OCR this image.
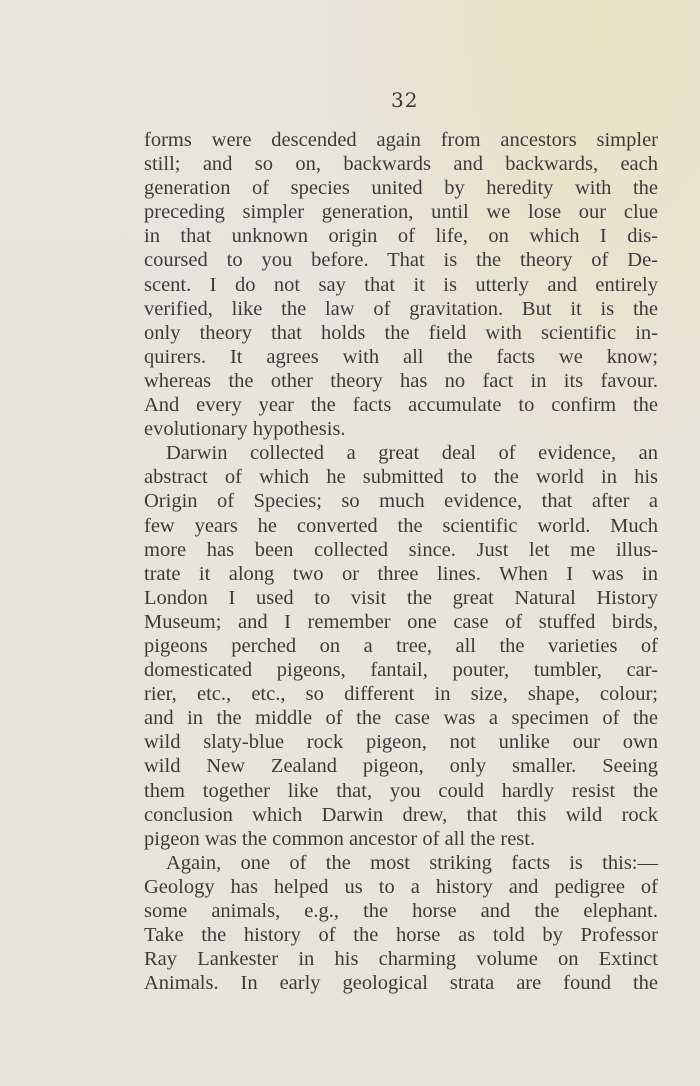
32
forms were descended again from ancestors simpler
still; and so on, backwards and backwards, each
generation of species united by heredity with the
preceding simpler generation, until we lose our clue
in that unknown origin of life, on which I dis-
coursed to you before. That is the theory of De-
scent. I do not say that it is utterly and entirely
verified, like the law of gravitation. But it is the
only theory that holds the field with scientific in-
quirers. It agrees with all the facts we know;
whereas the other theory has no fact in its favour.
And every year the facts accumulate to confirm the
evolutionary hypothesis.
Darwin collected a great deal of evidence, an
abstract of which he submitted to the world in his
Origin of Species; so much evidence, that after a
few years he converted the scientific world. Much
more has been collected since. Just let me illus-
trate it along two or three lines. When I was in
London I used to visit the great Natural History
Museum; and I remember one case of stuffed birds,
pigeons perched on a tree, all the varieties of
domesticated pigeons, fantail, pouter, tumbler, car-
rier, etc., etc., so different in size, shape, colour;
and in the middle of the case was a specimen of the
wild slaty-blue rock pigeon, not unlike our own
wild New Zealand pigeon, only smaller. Seeing
them together like that, you could hardly resist the
conclusion which Darwin drew, that this wild rock
pigeon was the common ancestor of all the rest.
Again, one of the most striking facts is this:—
Geology has helped us to a history and pedigree of
some animals, e.g., the horse and the elephant.
Take the history of the horse as told by Professor
Ray Lankester in his charming volume on Extinct
Animals. In early geological strata are found the
